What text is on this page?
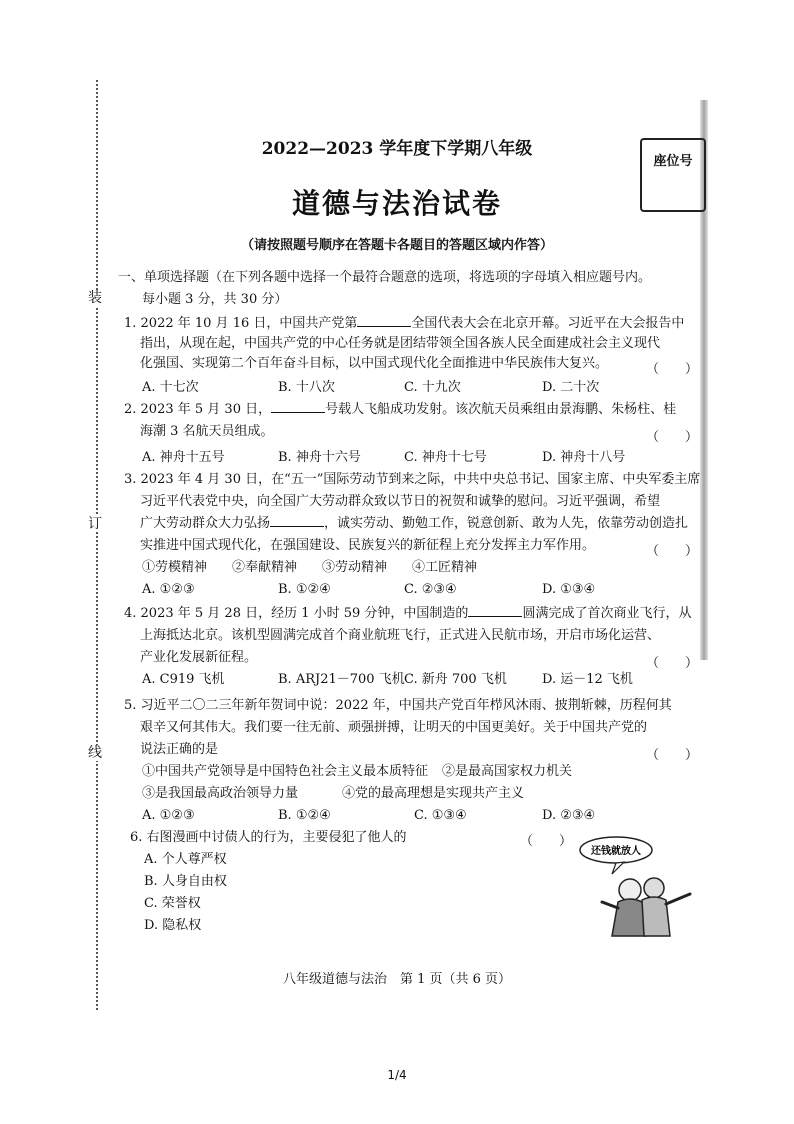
装
订
线
2022—2023 学年度下学期八年级
道德与法治试卷
（请按照题号顺序在答题卡各题目的答题区域内作答）
座位号
一、单项选择题（在下列各题中选择一个最符合题意的选项，将选项的字母填入相应题号内。
每小题 3 分，共 30 分）
1. 2022 年 10 月 16 日，中国共产党第	全国代表大会在北京开幕。习近平在大会报告中
指出，从现在起，中国共产党的中心任务就是团结带领全国各族人民全面建成社会主义现代
化强国、实现第二个百年奋斗目标，以中国式现代化全面推进中华民族伟大复兴。	（　　）
A. 十七次	B. 十八次	C. 十九次	D. 二十次
2. 2023 年 5 月 30 日，	号载人飞船成功发射。该次航天员乘组由景海鹏、朱杨柱、桂
海潮 3 名航天员组成。	（　　）
A. 神舟十五号	B. 神舟十六号	C. 神舟十七号	D. 神舟十八号
3. 2023 年 4 月 30 日，在“五一”国际劳动节到来之际，中共中央总书记、国家主席、中央军委主席
习近平代表党中央，向全国广大劳动群众致以节日的祝贺和诚挚的慰问。习近平强调，希望
广大劳动群众大力弘扬	，诚实劳动、勤勉工作，锐意创新、敢为人先，依靠劳动创造扎
实推进中国式现代化，在强国建设、民族复兴的新征程上充分发挥主力军作用。	（　　）
①劳模精神 ②奉献精神 ③劳动精神 ④工匠精神
A. ①②③	B. ①②④	C. ②③④	D. ①③④
4. 2023 年 5 月 28 日，经历 1 小时 59 分钟，中国制造的	圆满完成了首次商业飞行，从
上海抵达北京。该机型圆满完成首个商业航班飞行，正式进入民航市场，开启市场化运营、
产业化发展新征程。	（　　）
A. C919 飞机	B. ARJ21－700 飞机 C. 新舟 700 飞机	D. 运－12 飞机
5. 习近平二〇二三年新年贺词中说：2022 年，中国共产党百年栉风沐雨、披荆斩棘，历程何其
艰辛又何其伟大。我们要一往无前、顽强拼搏，让明天的中国更美好。关于中国共产党的
说法正确的是	（　　）
①中国共产党领导是中国特色社会主义最本质特征 ②是最高国家权力机关
③是我国最高政治领导力量	④党的最高理想是实现共产主义
A. ①②③	B. ①②④	C. ①③④	D. ②③④
6. 右图漫画中讨债人的行为，主要侵犯了他人的	（　　）
A. 个人尊严权
B. 人身自由权
C. 荣誉权
D. 隐私权
还钱就放人
八年级道德与法治　第 1 页（共 6 页）
1/4
